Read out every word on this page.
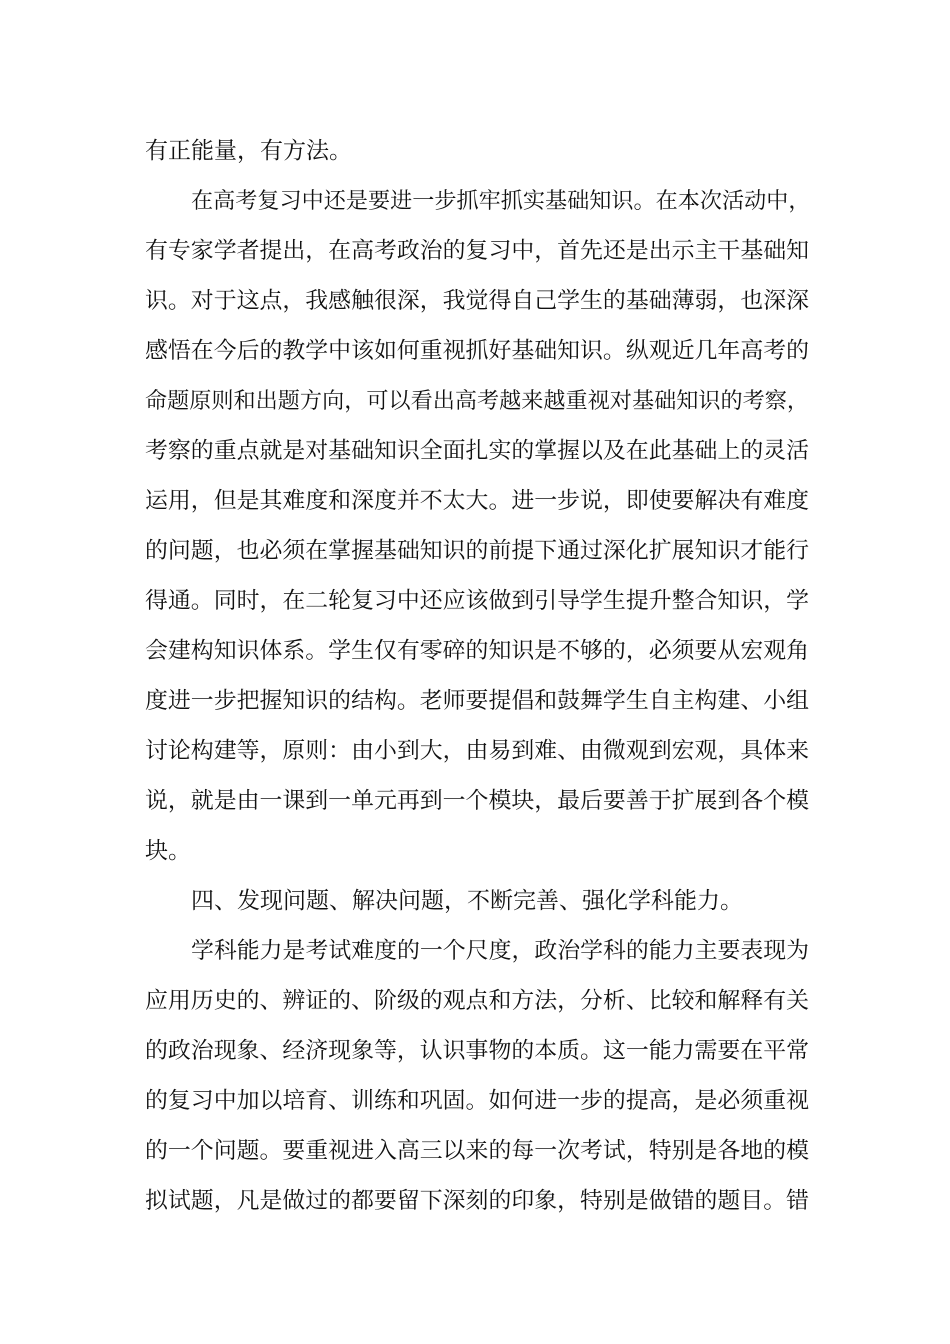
有正能量，有方法。
在高考复习中还是要进一步抓牢抓实基础知识。在本次活动中，
有专家学者提出，在高考政治的复习中，首先还是出示主干基础知
识。对于这点，我感触很深，我觉得自己学生的基础薄弱，也深深
感悟在今后的教学中该如何重视抓好基础知识。纵观近几年高考的
命题原则和出题方向，可以看出高考越来越重视对基础知识的考察，
考察的重点就是对基础知识全面扎实的掌握以及在此基础上的灵活
运用，但是其难度和深度并不太大。进一步说，即使要解决有难度
的问题，也必须在掌握基础知识的前提下通过深化扩展知识才能行
得通。同时，在二轮复习中还应该做到引导学生提升整合知识，学
会建构知识体系。学生仅有零碎的知识是不够的，必须要从宏观角
度进一步把握知识的结构。老师要提倡和鼓舞学生自主构建、小组
讨论构建等，原则：由小到大，由易到难、由微观到宏观，具体来
说，就是由一课到一单元再到一个模块，最后要善于扩展到各个模
块。
四、发现问题、解决问题，不断完善、强化学科能力。
学科能力是考试难度的一个尺度，政治学科的能力主要表现为
应用历史的、辨证的、阶级的观点和方法，分析、比较和解释有关
的政治现象、经济现象等，认识事物的本质。这一能力需要在平常
的复习中加以培育、训练和巩固。如何进一步的提高，是必须重视
的一个问题。要重视进入高三以来的每一次考试，特别是各地的模
拟试题，凡是做过的都要留下深刻的印象，特别是做错的题目。错
